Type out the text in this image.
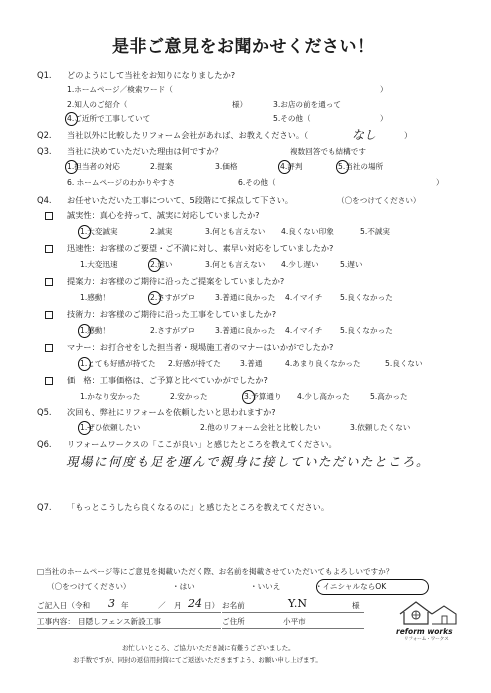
是非ご意見をお聞かせください！
Q1. どのようにして当社をお知りになりましたか?
1.ホームページ／検索ワード（	）
2.知人のご紹介（	様）	3.お店の前を通って
4.ご近所で工事していて	5.その他（	）
Q2. 当社以外に比較したリフォーム会社があれば、お教えください。（	なし	）
Q3. 当社に決めていただいた理由は何ですか？	複数回答でも結構です
1.担当者の対応	2.提案	3.価格	4.評判	5.当社の場所
6. ホームページのわかりやすさ	6.その他（	）
Q4. お任せいただいた工事について、5段階にて採点して下さい。	（〇をつけてください）
誠実性：真心を持って、誠実に対応していましたか?
1.大変誠実	2.誠実	3.何とも言えない 4.良くない印象	5.不誠実
迅速性：お客様のご要望・ご不満に対し、素早い対応をしていましたか?
1.大変迅速	2.速い	3.何とも言えない 4.少し遅い	5.遅い
提案力：お客様のご期待に沿ったご提案をしていましたか?
1.感動！	2.さすがプロ	3.普通に良かった 4.イマイチ 5.良くなかった
技術力：お客様のご期待に沿った工事をしていましたか?
1.感動！	2.さすがプロ	3.普通に良かった 4.イマイチ 5.良くなかった
マナー：お打合せをした担当者・現場施工者のマナーはいかがでしたか?
1.とても好感が持てた 2.好感が持てた	3.普通	4.あまり良くなかった	5.良くない
価　格：工事価格は、ご予算と比べていかがでしたか?
1.かなり安かった	2.安かった	3.予算通り 4.少し高かった	5.高かった
Q5. 次回も、弊社にリフォームを依頼したいと思われますか?
1.ぜひ依頼したい	2.他のリフォーム会社と比較したい	3.依頼したくない
Q6. リフォームワークスの「ここが良い」と感じたところを教えてください。
現場に何度も足を運んで親身に接していただいたところ。
Q7. 「もっとこうしたら良くなるのに」と感じたところを教えてください。
□当社のホームページ等にご意見を掲載いただく際、お名前を掲載させていただいてもよろしいですか？
（〇をつけてください）	・はい	・いいえ	・イニシャルならOK
ご記入日（令和 3 年	／ 月 24 日） お名前	Y.N	様
工事内容： 目隠しフェンス新設工事	ご住所	小平市
reform works
リフォーム・ワークス
お忙しいところ、ご協力いただき誠に有難うございました。
お手数ですが、同封の返信用封筒にてご返送いただきますよう、お願い申し上げます。
